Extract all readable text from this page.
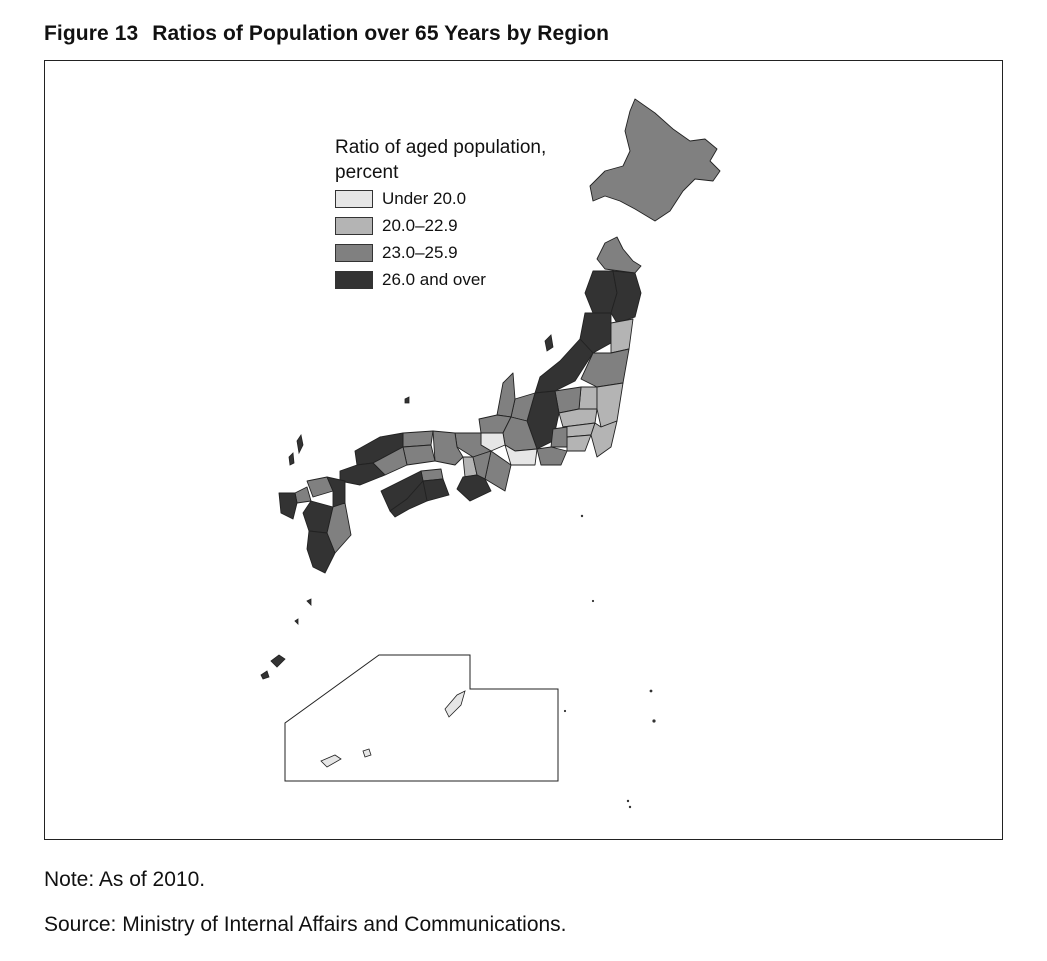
Figure 13 Ratios of Population over 65 Years by Region
Ratio of aged population, percent
Under 20.0
20.0–22.9
23.0–25.9
26.0 and over
Note: As of 2010.
Source: Ministry of Internal Affairs and Communications.
